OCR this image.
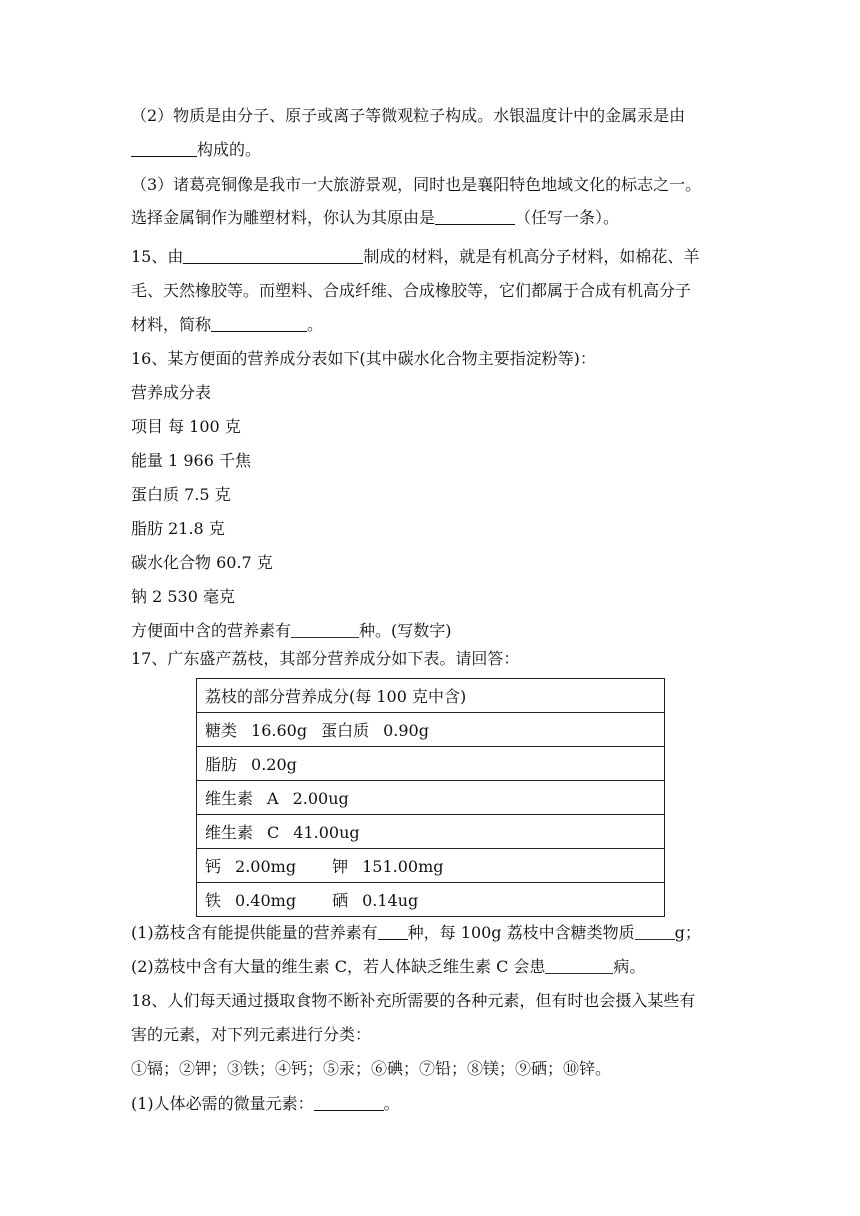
（2）物质是由分子、原子或离子等微观粒子构成。水银温度计中的金属汞是由
构成的。
（3）诸葛亮铜像是我市一大旅游景观，同时也是襄阳特色地域文化的标志之一。
选择金属铜作为雕塑材料，你认为其原由是	（任写一条）。
15、由	制成的材料，就是有机高分子材料，如棉花、羊
毛、天然橡胶等。而塑料、合成纤维、合成橡胶等，它们都属于合成有机高分子
材料，简称	。
16、某方便面的营养成分表如下(其中碳水化合物主要指淀粉等)：
营养成分表
项目 每 100 克
能量 1 966 千焦
蛋白质 7.5 克
脂肪 21.8 克
碳水化合物 60.7 克
钠 2 530 毫克
方便面中含的营养素有	种。(写数字)
17、广东盛产荔枝，其部分营养成分如下表。请回答：
荔枝的部分营养成分(每 100 克中含)
糖类 16.60g 蛋白质 0.90g
脂肪 0.20g
维生素 A 2.00ug
维生素 C 41.00ug
钙 2.00mg 钾 151.00mg
铁 0.40mg 硒 0.14ug
(1)荔枝含有能提供能量的营养素有 种，每 100g 荔枝中含糖类物质	g；
(2)荔枝中含有大量的维生素 C，若人体缺乏维生素 C 会患	病。
18、人们每天通过摄取食物不断补充所需要的各种元素，但有时也会摄入某些有
害的元素，对下列元素进行分类：
①镉；②钾；③铁；④钙；⑤汞；⑥碘；⑦铅；⑧镁；⑨硒；⑩锌。
(1)人体必需的微量元素：	。
